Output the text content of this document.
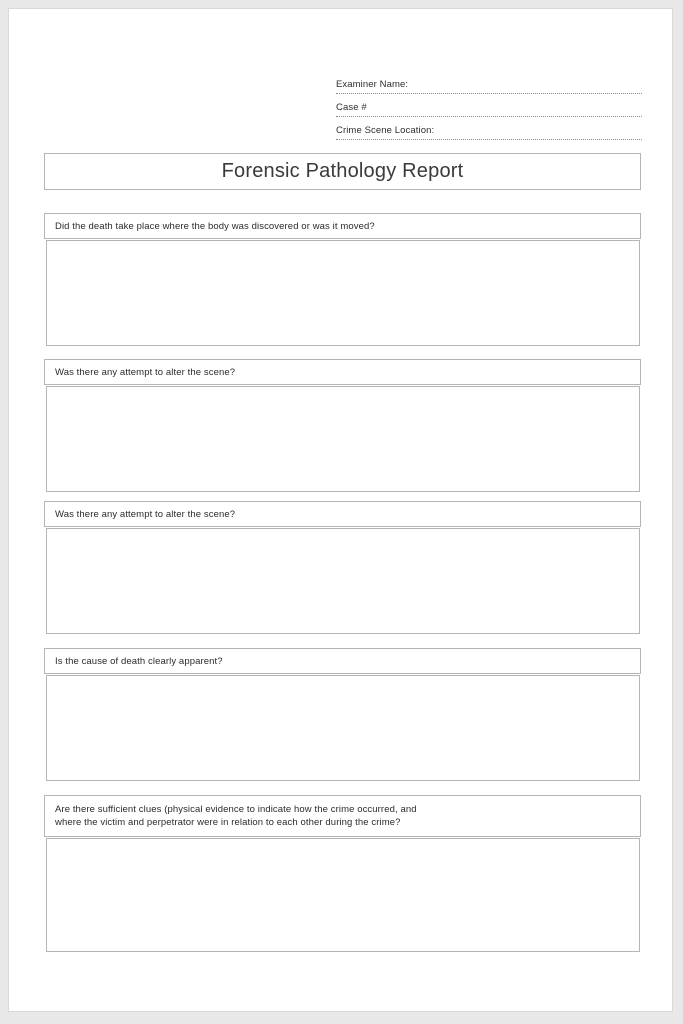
Examiner Name:
Case #
Crime Scene Location:
Forensic Pathology Report
Did the death take place where the body was discovered or was it moved?
Was there any attempt to alter the scene?
Was there any attempt to alter the scene?
Is the cause of death clearly apparent?
Are there sufficient clues (physical evidence to indicate how the crime occurred, and
where the victim and perpetrator were in relation to each other during the crime?
